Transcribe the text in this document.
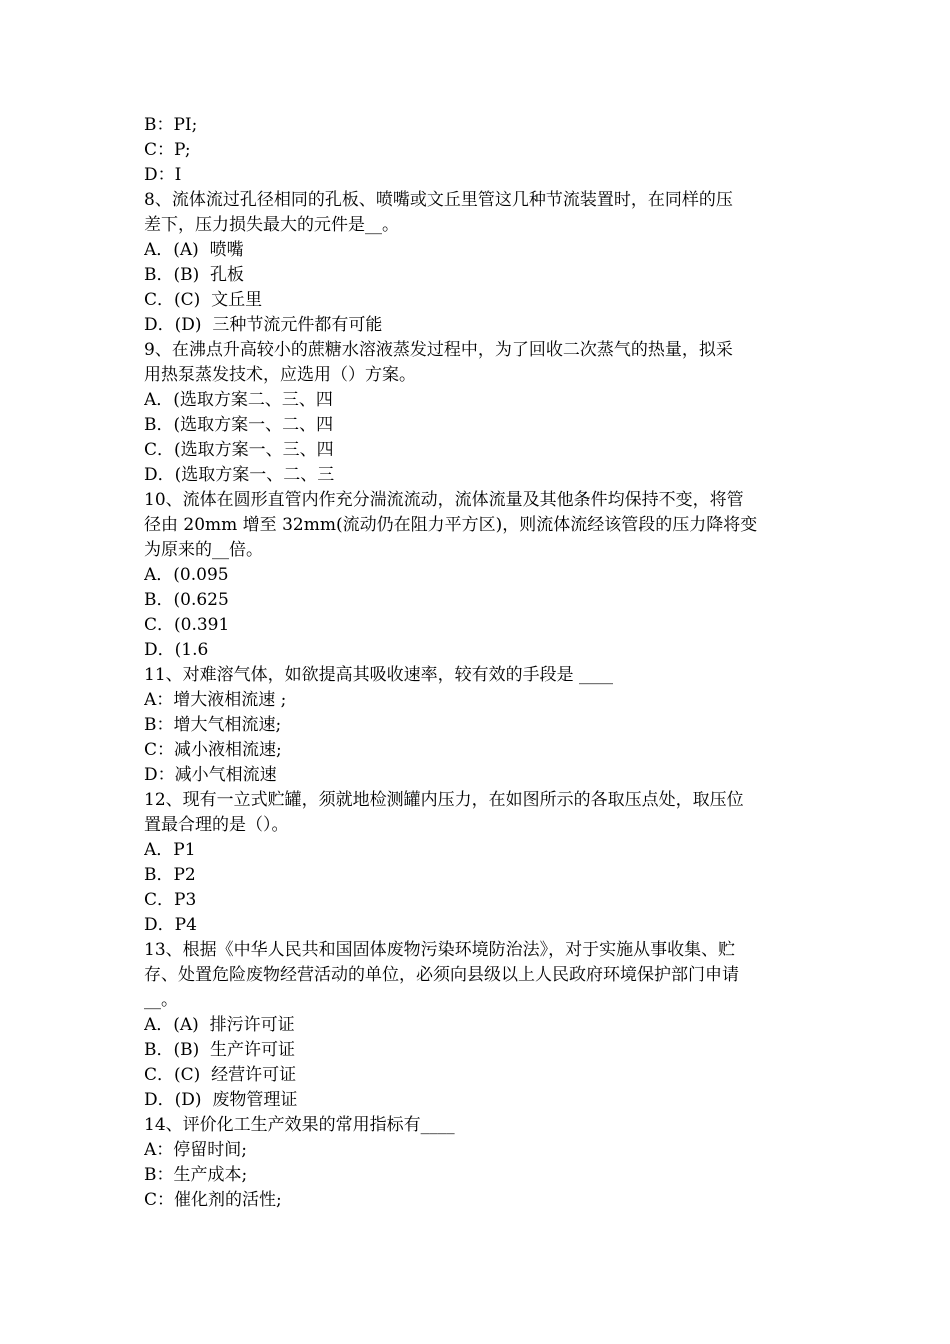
B：PI;
C：P;
D：I
8、流体流过孔径相同的孔板、喷嘴或文丘里管这几种节流装置时，在同样的压
差下，压力损失最大的元件是__。
A．(A)  喷嘴
B．(B)  孔板
C．(C)  文丘里
D．(D)  三种节流元件都有可能
9、在沸点升高较小的蔗糖水溶液蒸发过程中，为了回收二次蒸气的热量，拟采
用热泵蒸发技术，应选用（）方案。
A．(选取方案二、三、四
B．(选取方案一、二、四
C．(选取方案一、三、四
D．(选取方案一、二、三
10、流体在圆形直管内作充分湍流流动，流体流量及其他条件均保持不变，将管
径由 20mm 增至 32mm(流动仍在阻力平方区)，则流体流经该管段的压力降将变
为原来的__倍。
A．(0.095
B．(0.625
C．(0.391
D．(1.6
11、对难溶气体，如欲提高其吸收速率，较有效的手段是 ____
A：增大液相流速 ;
B：增大气相流速;
C：减小液相流速;
D：减小气相流速
12、现有一立式贮罐，须就地检测罐内压力，在如图所示的各取压点处，取压位
置最合理的是（）。
A．P1
B．P2
C．P3
D．P4
13、根据《中华人民共和国固体废物污染环境防治法》，对于实施从事收集、贮
存、处置危险废物经营活动的单位，必须向县级以上人民政府环境保护部门申请
__。
A．(A)  排污许可证
B．(B)  生产许可证
C．(C)  经营许可证
D．(D)  废物管理证
14、评价化工生产效果的常用指标有____
A：停留时间;
B：生产成本;
C：催化剂的活性;
